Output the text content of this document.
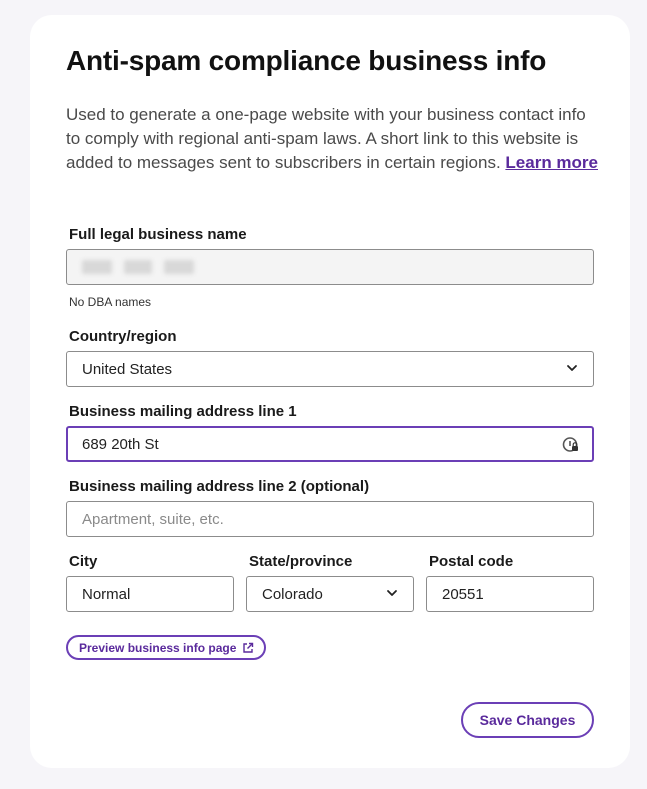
Anti-spam compliance business info

Used to generate a one-page website with your business contact info to comply with regional anti-spam laws. A short link to this website is added to messages sent to subscribers in certain regions. Learn more

Full legal business name
No DBA names
Country/region
United States
Business mailing address line 1
689 20th St
Business mailing address line 2 (optional)
Apartment, suite, etc.
City
Normal
State/province
Colorado
Postal code
20551
Preview business info page
Save Changes
